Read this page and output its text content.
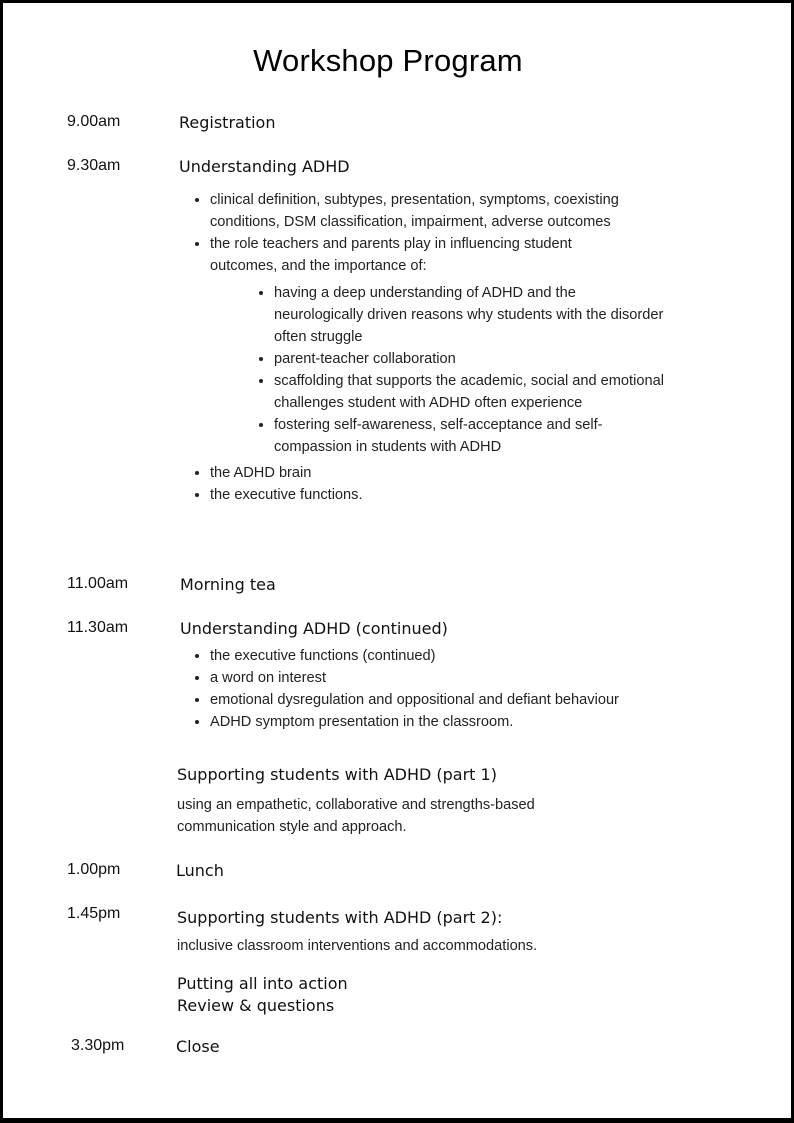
Workshop Program
9.00am	Registration
9.30am	Understanding ADHD
clinical definition, subtypes, presentation, symptoms, coexisting conditions, DSM classification, impairment, adverse outcomes
the role teachers and parents play in influencing student outcomes, and the importance of:
having a deep understanding of ADHD and the neurologically driven reasons why students with the disorder often struggle
parent-teacher collaboration
scaffolding that supports the academic, social and emotional challenges student with ADHD often experience
fostering self-awareness, self-acceptance and self-compassion in students with ADHD
the ADHD brain
the executive functions.
11.00am	Morning tea
11.30am	Understanding ADHD (continued)
the executive functions (continued)
a word on interest
emotional dysregulation and oppositional and defiant behaviour
ADHD symptom presentation in the classroom.
Supporting students with ADHD (part 1)
using an empathetic, collaborative and strengths-based communication style and approach.
1.00pm	Lunch
1.45pm	Supporting students with ADHD (part 2):
inclusive classroom interventions and accommodations.
Putting all into action
Review & questions
3.30pm	Close
